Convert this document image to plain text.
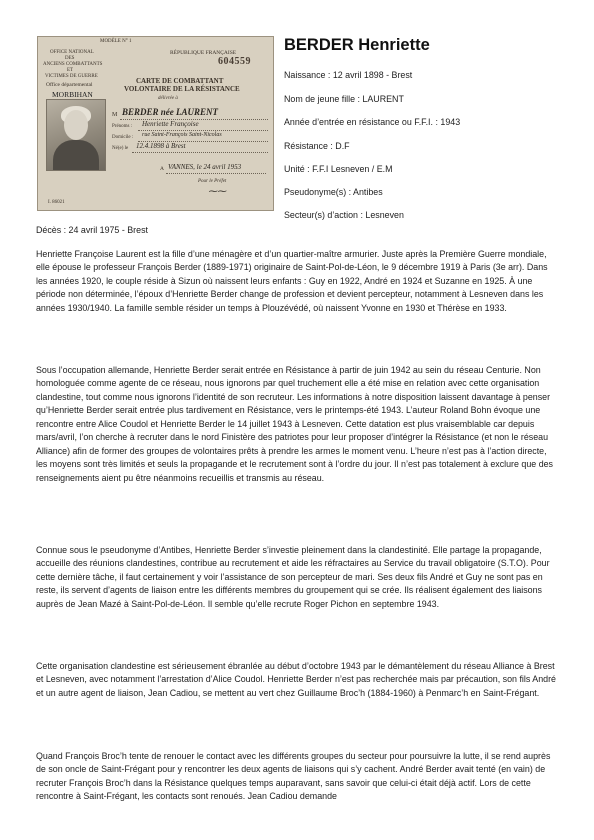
MODÈLE N° 1
RÉPUBLIQUE FRANÇAISE
OFFICE NATIONAL
DES
ANCIENS COMBATTANTS
ET
VICTIMES DE GUERRE
Office départemental
MORBIHAN
604559
CARTE DE COMBATTANT
VOLONTAIRE DE LA RÉSISTANCE
délivrée à
M BERDER née LAURENT
Prénoms : Henriette Françoise
Domicile : rue Saint-François Saint-Nicolas
Né(e) le 12.4.1898 à Brest
A VANNES, le 24 avril 1953
Pour le Préfet
⁓⁓
I. 86021
BERDER Henriette
Naissance : 12 avril 1898 - Brest
Nom de jeune fille : LAURENT
Année d’entrée en résistance ou F.F.I. : 1943
Résistance : D.F
Unité : F.F.I Lesneven / E.M
Pseudonyme(s) : Antibes
Secteur(s) d’action : Lesneven
Décès : 24 avril 1975 - Brest

Henriette Françoise Laurent est la fille d’une ménagère et d’un quartier-maître armurier. Juste après la Première Guerre mondiale, elle épouse le professeur François Berder (1889-1971) originaire de Saint-Pol-de-Léon, le 9 décembre 1919 à Paris (3e arr). Dans les années 1920, le couple réside à Sizun où naissent leurs enfants : Guy en 1922, André en 1924 et Suzanne en 1925. À une période non déterminée, l’époux d’Henriette Berder change de profession et devient percepteur, notamment à Lesneven dans les années 1930/1940. La famille semble résider un temps à Plouzévédé, où naissent Yvonne en 1930 et Thérèse en 1933.

Sous l’occupation allemande, Henriette Berder serait entrée en Résistance à partir de juin 1942 au sein du réseau Centurie. Non homologuée comme agente de ce réseau, nous ignorons par quel truchement elle a été mise en relation avec cette organisation clandestine, tout comme nous ignorons l’identité de son recruteur. Les informations à notre disposition laissent davantage à penser qu’Henriette Berder serait entrée plus tardivement en Résistance, vers le printemps-été 1943. L’auteur Roland Bohn évoque une rencontre entre Alice Coudol et Henriette Berder le 14 juillet 1943 à Lesneven. Cette datation est plus vraisemblable car depuis mars/avril, l’on cherche à recruter dans le nord Finistère des patriotes pour leur proposer d’intégrer la Résistance (et non le réseau Alliance) afin de former des groupes de volontaires prêts à prendre les armes le moment venu. L’heure n’est pas à l’action directe, les moyens sont très limités et seuls la propagande et le recrutement sont à l’ordre du jour. Il n’est pas totalement à exclure que des renseignements aient pu être néanmoins recueillis et transmis au réseau.

Connue sous le pseudonyme d’Antibes, Henriette Berder s’investie pleinement dans la clandestinité. Elle partage la propagande, accueille des réunions clandestines, contribue au recrutement et aide les réfractaires au Service du travail obligatoire (S.T.O). Pour cette dernière tâche, il faut certainement y voir l’assistance de son percepteur de mari. Ses deux fils André et Guy ne sont pas en reste, ils servent d’agents de liaison entre les différents membres du groupement qui se crée. Ils réalisent également des liaisons auprès de Jean Mazé à Saint-Pol-de-Léon. Il semble qu’elle recrute Roger Pichon en septembre 1943.

Cette organisation clandestine est sérieusement ébranlée au début d’octobre 1943 par le démantèlement du réseau Alliance à Brest et Lesneven, avec notamment l’arrestation d’Alice Coudol. Henriette Berder n’est pas recherchée mais par précaution, son fils André et un autre agent de liaison, Jean Cadiou, se mettent au vert chez Guillaume Broc’h (1884-1960) à Penmarc’h en Saint-Frégant.

Quand François Broc’h tente de renouer le contact avec les différents groupes du secteur pour poursuivre la lutte, il se rend auprès de son oncle de Saint-Frégant pour y rencontrer les deux agents de liaisons qui s’y cachent. André Berder avait tenté (en vain) de recruter François Broc’h dans la Résistance quelques temps auparavant, sans savoir que celui-ci était déjà actif. Lors de cette rencontre à Saint-Frégant, les contacts sont renoués. Jean Cadiou demande
